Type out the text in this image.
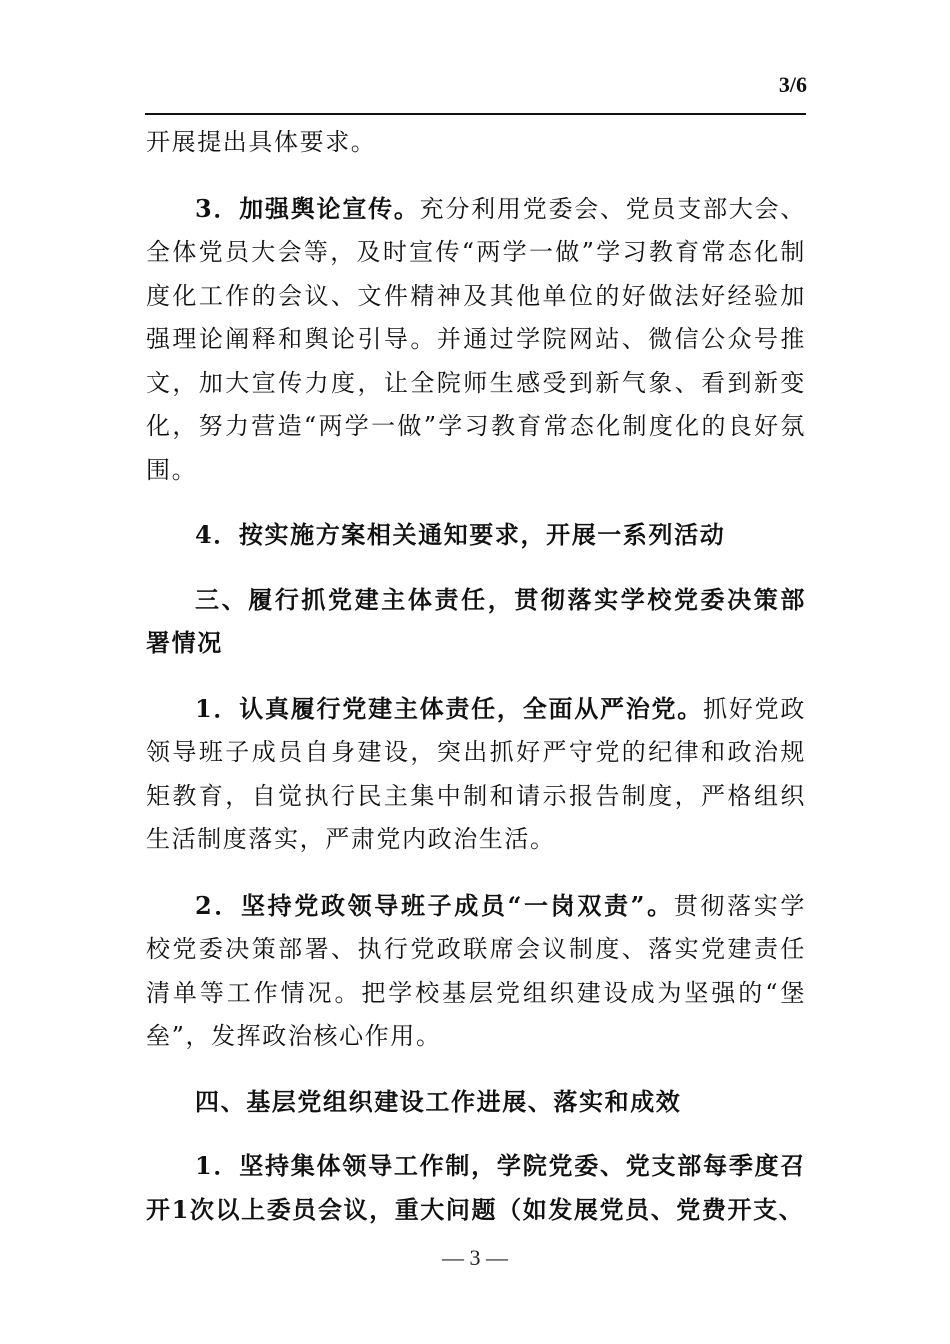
3/6

开展提出具体要求。

3．加强舆论宣传。充分利用党委会、党员支部大会、全体党员大会等，及时宣传“两学一做”学习教育常态化制度化工作的会议、文件精神及其他单位的好做法好经验加强理论阐释和舆论引导。并通过学院网站、微信公众号推文，加大宣传力度，让全院师生感受到新气象、看到新变化，努力营造“两学一做”学习教育常态化制度化的良好氛围。

4．按实施方案相关通知要求，开展一系列活动

三、履行抓党建主体责任，贯彻落实学校党委决策部署情况

1．认真履行党建主体责任，全面从严治党。抓好党政领导班子成员自身建设，突出抓好严守党的纪律和政治规矩教育，自觉执行民主集中制和请示报告制度，严格组织生活制度落实，严肃党内政治生活。

2．坚持党政领导班子成员“一岗双责”。贯彻落实学校党委决策部署、执行党政联席会议制度、落实党建责任清单等工作情况。把学校基层党组织建设成为坚强的“堡垒”，发挥政治核心作用。

四、基层党组织建设工作进展、落实和成效

1．坚持集体领导工作制，学院党委、党支部每季度召开1次以上委员会议，重大问题（如发展党员、党费开支、

— 3 —
